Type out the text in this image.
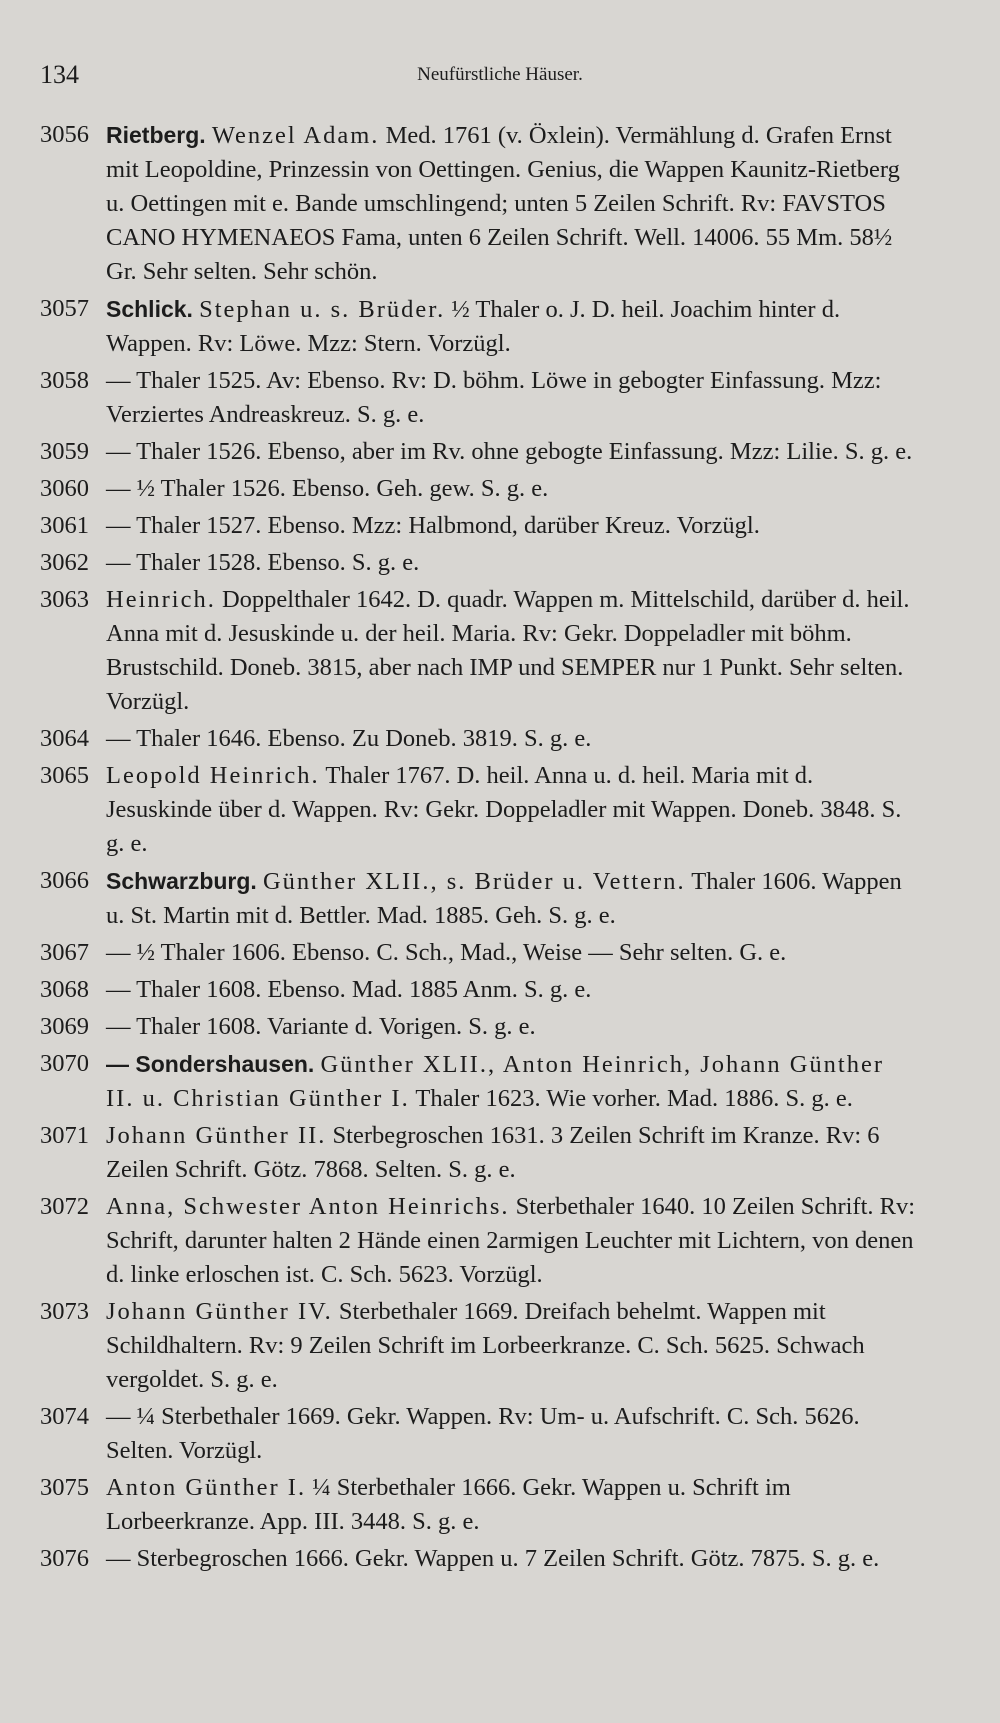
134	Neufürstliche Häuser.
3056 Rietberg. Wenzel Adam. Med. 1761 (v. Öxlein). Vermählung d. Grafen Ernst mit Leopoldine, Prinzessin von Oettingen. Genius, die Wappen Kaunitz-Rietberg u. Oettingen mit e. Bande umschlingend; unten 5 Zeilen Schrift. Rv: FAVSTOS CANO HYMENAEOS Fama, unten 6 Zeilen Schrift. Well. 14006. 55 Mm. 58½ Gr. Sehr selten. Sehr schön.
3057 Schlick. Stephan u. s. Brüder. ½ Thaler o. J. D. heil. Joachim hinter d. Wappen. Rv: Löwe. Mzz: Stern. Vorzügl.
3058 — Thaler 1525. Av: Ebenso. Rv: D. böhm. Löwe in gebogter Einfassung. Mzz: Verziertes Andreaskreuz. S. g. e.
3059 — Thaler 1526. Ebenso, aber im Rv. ohne gebogte Einfassung. Mzz: Lilie. S. g. e.
3060 — ½ Thaler 1526. Ebenso. Geh. gew. S. g. e.
3061 — Thaler 1527. Ebenso. Mzz: Halbmond, darüber Kreuz. Vorzügl.
3062 — Thaler 1528. Ebenso. S. g. e.
3063 Heinrich. Doppelthaler 1642. D. quadr. Wappen m. Mittelschild, darüber d. heil. Anna mit d. Jesuskinde u. der heil. Maria. Rv: Gekr. Doppeladler mit böhm. Brustschild. Doneb. 3815, aber nach IMP und SEMPER nur 1 Punkt. Sehr selten. Vorzügl.
3064 — Thaler 1646. Ebenso. Zu Doneb. 3819. S. g. e.
3065 Leopold Heinrich. Thaler 1767. D. heil. Anna u. d. heil. Maria mit d. Jesuskinde über d. Wappen. Rv: Gekr. Doppeladler mit Wappen. Doneb. 3848. S. g. e.
3066 Schwarzburg. Günther XLII., s. Brüder u. Vettern. Thaler 1606. Wappen u. St. Martin mit d. Bettler. Mad. 1885. Geh. S. g. e.
3067 — ½ Thaler 1606. Ebenso. C. Sch., Mad., Weise — Sehr selten. G. e.
3068 — Thaler 1608. Ebenso. Mad. 1885 Anm. S. g. e.
3069 — Thaler 1608. Variante d. Vorigen. S. g. e.
3070 — Sondershausen. Günther XLII., Anton Heinrich, Johann Günther II. u. Christian Günther I. Thaler 1623. Wie vorher. Mad. 1886. S. g. e.
3071 Johann Günther II. Sterbegroschen 1631. 3 Zeilen Schrift im Kranze. Rv: 6 Zeilen Schrift. Götz. 7868. Selten. S. g. e.
3072 Anna, Schwester Anton Heinrichs. Sterbethaler 1640. 10 Zeilen Schrift. Rv: Schrift, darunter halten 2 Hände einen 2armigen Leuchter mit Lichtern, von denen d. linke erloschen ist. C. Sch. 5623. Vorzügl.
3073 Johann Günther IV. Sterbethaler 1669. Dreifach behelmt. Wappen mit Schildhaltern. Rv: 9 Zeilen Schrift im Lorbeerkranze. C. Sch. 5625. Schwach vergoldet. S. g. e.
3074 — ¼ Sterbethaler 1669. Gekr. Wappen. Rv: Um- u. Aufschrift. C. Sch. 5626. Selten. Vorzügl.
3075 Anton Günther I. ¼ Sterbethaler 1666. Gekr. Wappen u. Schrift im Lorbeerkranze. App. III. 3448. S. g. e.
3076 — Sterbegroschen 1666. Gekr. Wappen u. 7 Zeilen Schrift. Götz. 7875. S. g. e.
